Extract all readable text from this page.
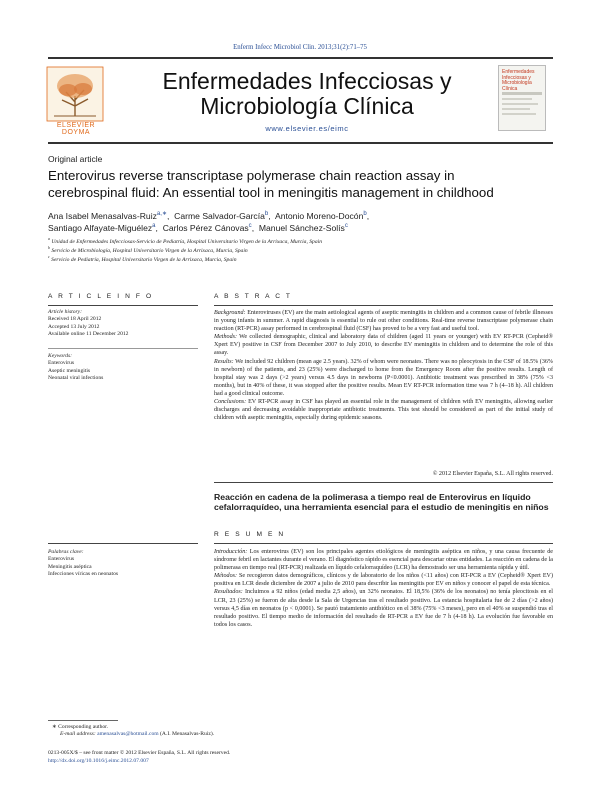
Enferm Infecc Microbiol Clin. 2013;31(2):71–75
ELSEVIER
DOYMA
Enfermedades Infecciosas y
Microbiología Clínica
www.elsevier.es/eimc
Enfermedades Infecciosas y Microbiología Clínica
Original article
Enterovirus reverse transcriptase polymerase chain reaction assay in
cerebrospinal fluid: An essential tool in meningitis management in childhood
Ana Isabel Menasalvas-Ruiz$^{a,∗}$,  Carme Salvador-García$^b$,  Antonio Moreno-Docón$^b$,
Santiago Alfayate-Miguélez$^a$,  Carlos Pérez Cánovas$^c$,  Manuel Sánchez-Solís$^c$
$^a$ Unidad de Enfermedades Infecciosas-Servicio de Pediatría, Hospital Universitario Virgen de la Arrixaca, Murcia, Spain
$^b$ Servicio de Microbiología, Hospital Universitario Virgen de la Arrixaca, Murcia, Spain
$^c$ Servicio de Pediatría, Hospital Universitario Virgen de la Arrixaca, Murcia, Spain
A R T I C L E I N F O
Article history:
Received 18 April 2012
Accepted 13 July 2012
Available online 11 December 2012
Keywords:
Enterovirus
Aseptic meningitis
Neonatal viral infections
A B S T R A C T

Background: Enteroviruses (EV) are the main aetiological agents of aseptic meningitis in children and a common cause of febrile illnesses in young infants in summer. A rapid diagnosis is essential to rule out other conditions. Real-time reverse transcriptase polymerase chain reaction (RT-PCR) assay performed in cerebrospinal fluid (CSF) has proved to be a very fast and useful tool.

Methods: We collected demographic, clinical and laboratory data of children (aged 11 years or younger) with EV RT-PCR (Cepheid® Xpert EV) positive in CSF from December 2007 to July 2010, to describe EV meningitis in children and to determine the role of this assay.

Results: We included 92 children (mean age 2.5 years). 32% of whom were neonates. There was no pleocytosis in the CSF of 18.5% (36% in newborn) of the patients, and 23 (25%) were discharged to home from the Emergency Room after the positive results. Length of hospital stay was 2 days (>2 years) versus 4.5 days in newborns (P<0.0001). Antibiotic treatment was prescribed in 38% (75% <3 months), but in 40% of these, it was stopped after the positive results. Mean EV RT-PCR information time was 7 h (4–18 h). All children had a good clinical outcome.

Conclusions: EV RT-PCR assay in CSF has played an essential role in the management of children with EV meningitis, allowing earlier discharges and decreasing avoidable inappropriate antibiotic treatments. This test should be considered as part of the initial study of children with aseptic meningitis, especially during epidemic seasons.

© 2012 Elsevier España, S.L. All rights reserved.
Reacción en cadena de la polimerasa a tiempo real de Enterovirus en líquido cefalorraquídeo, una herramienta esencial para el estudio de meningitis en niños
R E S U M E N
Palabras clave:
Enterovirus
Meningitis aséptica
Infecciones víricas en neonatos

Introducción: Los enterovirus (EV) son los principales agentes etiológicos de meningitis aséptica en niños, y una causa frecuente de síndrome febril en lactantes durante el verano. El diagnóstico rápido es esencial para descartar otras entidades. La reacción en cadena de la polimerasa en tiempo real (RT-PCR) realizada en líquido cefalorraquídeo (LCR) ha demostrado ser una herramienta rápida y útil.

Métodos: Se recogieron datos demográficos, clínicos y de laboratorio de los niños (<11 años) con RT-PCR a EV (Cepheid® Xpert EV) positiva en LCR desde diciembre de 2007 a julio de 2010 para describir las meningitis por EV en niños y conocer el papel de esta técnica.

Resultados: Incluimos a 92 niños (edad media 2,5 años), un 32% neonatos. El 18,5% (36% de los neonatos) no tenía pleocitosis en el LCR, 23 (25%) se fueron de alta desde la Sala de Urgencias tras el resultado positivo. La estancia hospitalaria fue de 2 días (>2 años) versus 4,5 días en neonatos (p < 0,0001). Se pautó tratamiento antibiótico en el 38% (75% <3 meses), pero en el 40% se suspendió tras el resultado positivo. El tiempo medio de información del resultado de RT-PCR a EV fue de 7 h (4-18 h). La evolución fue favorable en todos los casos.

∗ Corresponding author.
E-mail address: amenasalvas@hotmail.com (A.I. Menasalvas-Ruiz).
0213-005X/$ – see front matter © 2012 Elsevier España, S.L. All rights reserved.
http://dx.doi.org/10.1016/j.eimc.2012.07.007
